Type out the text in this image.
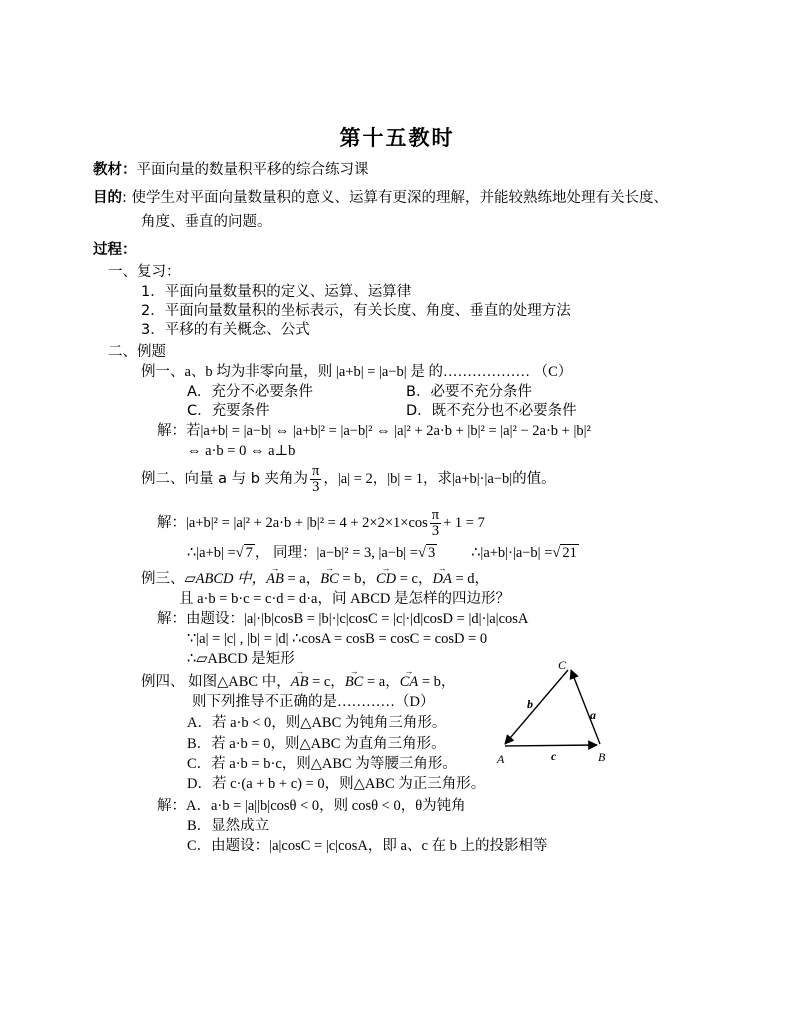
第十五教时
教材：平面向量的数量积平移的综合练习课
目的: 使学生对平面向量数量积的意义、运算有更深的理解，并能较熟练地处理有关长度、
角度、垂直的问题。
过程：
一、复习：
1．平面向量数量积的定义、运算、运算律
2．平面向量数量积的坐标表示，有关长度、角度、垂直的处理方法
3．平移的有关概念、公式
二、例题
例一、a、b 均为非零向量，则 |a+b| = |a−b| 是 的……………… （C）
A．充分不必要条件	B．必要不充分条件
C．充要条件	D．既不充分也不必要条件
解：若|a+b| = |a−b| ⇔ |a+b|² = |a−b|² ⇔ |a|² + 2a·b + |b|² = |a|² − 2a·b + |b|²
⇔ a·b = 0 ⇔ a⊥b
例二、向量 a 与 b 夹角为 $\frac{\pi}{3}$ ，|a| = 2，|b| = 1，求|a+b|·|a−b|的值。
解：$|a+b|^2 = |a|^2 + 2a\cdot b + |b|^2 = 4 + 2\times 2\times 1\times\cos \frac{\pi}{3} + 1 = 7$
∴|a+b| =√ 7 ， 同理：|a−b|² = 3, |a−b| =√ 3 ∴|a+b|·|a−b| =√ 21
例三、▱ABCD 中，→ AB = a，→ BC = b，→ CD = c，→ DA = d，
且 a·b = b·c = c·d = d·a，问 ABCD 是怎样的四边形？
解：由题设：|a|·|b|cosB = |b|·|c|cosC = |c|·|d|cosD = |d|·|a|cosA
∵|a| = |c| , |b| = |d| ∴cosA = cosB = cosC = cosD = 0
∴▱ABCD 是矩形
例四、 如图△ABC 中，→ AB = c，→ BC = a，→ CA = b，
则下列推导不正确的是…………（D）
A．若 a·b < 0，则△ABC 为钝角三角形。
B．若 a·b = 0，则△ABC 为直角三角形。
C．若 a·b = b·c，则△ABC 为等腰三角形。
D．若 c·(a + b + c) = 0，则△ABC 为正三角形。
解：A．a·b = |a||b|cosθ < 0，则 cosθ < 0，θ为钝角
B．显然成立
C．由题设：|a|cosC = |c|cosA，即 a、c 在 b 上的投影相等
A	B
C
a
b
c
